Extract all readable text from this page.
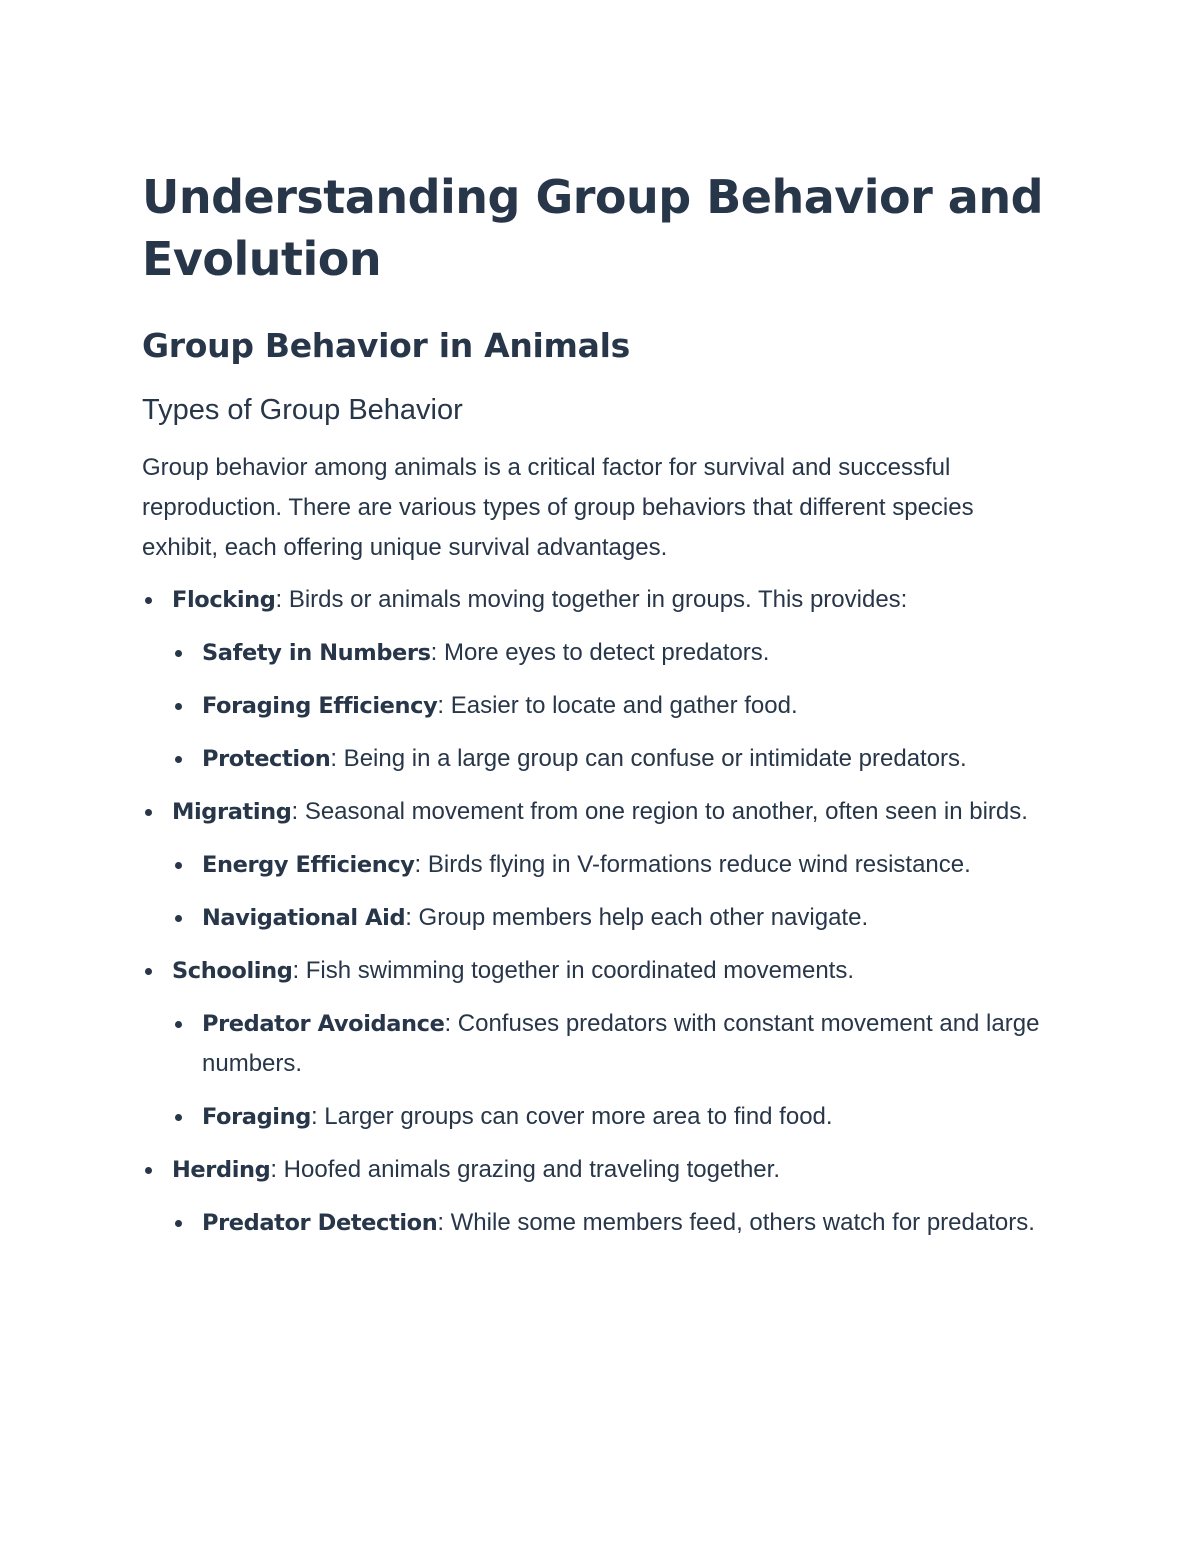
Understanding Group Behavior and Evolution
Group Behavior in Animals
Types of Group Behavior

Group behavior among animals is a critical factor for survival and successful reproduction. There are various types of group behaviors that different species exhibit, each offering unique survival advantages.

Flocking: Birds or animals moving together in groups. This provides:
Safety in Numbers: More eyes to detect predators.
Foraging Efficiency: Easier to locate and gather food.
Protection: Being in a large group can confuse or intimidate predators.
Migrating: Seasonal movement from one region to another, often seen in birds.
Energy Efficiency: Birds flying in V-formations reduce wind resistance.
Navigational Aid: Group members help each other navigate.
Schooling: Fish swimming together in coordinated movements.
Predator Avoidance: Confuses predators with constant movement and large numbers.
Foraging: Larger groups can cover more area to find food.
Herding: Hoofed animals grazing and traveling together.
Predator Detection: While some members feed, others watch for predators.
